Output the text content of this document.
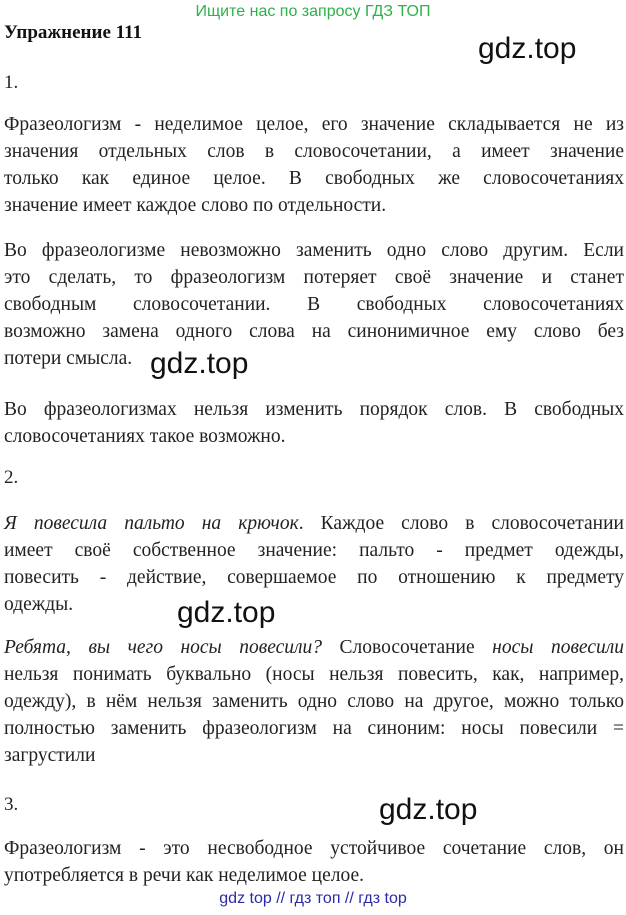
Ищите нас по запросу ГДЗ ТОП
Упражнение 111	gdz.top
gdz.top
gdz.top
gdz.top
1.
Фразеологизм - неделимое целое, его значение складывается не из
значения отдельных слов в словосочетании, а имеет значение
только как единое целое. В свободных же словосочетаниях
значение имеет каждое слово по отдельности.
Во фразеологизме невозможно заменить одно слово другим. Если
это сделать, то фразеологизм потеряет своё значение и станет
свободным словосочетании. В свободных словосочетаниях
возможно замена одного слова на синонимичное ему слово без
потери смысла.
Во фразеологизмах нельзя изменить порядок слов. В свободных
словосочетаниях такое возможно.
2.
Я повесила пальто на крючок. Каждое слово в словосочетании
имеет своё собственное значение: пальто - предмет одежды,
повесить - действие, совершаемое по отношению к предмету
одежды.
Ребята, вы чего носы повесили? Словосочетание носы повесили
нельзя понимать буквально (носы нельзя повесить, как, например,
одежду), в нём нельзя заменить одно слово на другое, можно только
полностью заменить фразеологизм на синоним: носы повесили =
загрустили
3.
Фразеологизм - это несвободное устойчивое сочетание слов, он
употребляется в речи как неделимое целое.
gdz top // гдз топ // гдз top
